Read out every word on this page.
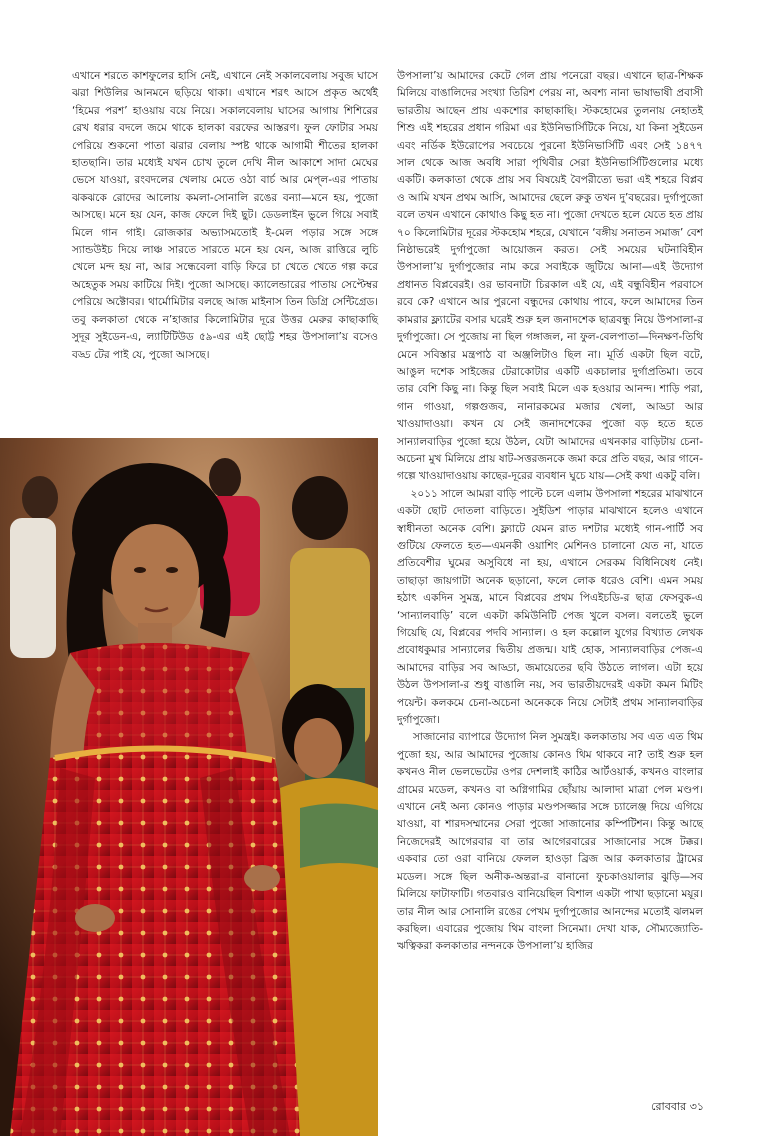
এখানে শরতে কাশফুলের হাসি নেই, এখানে নেই সকালবেলায় সবুজ ঘাসে ঝরা শিউলির আনমনে ছড়িয়ে থাকা। এখানে শরৎ আসে প্রকৃত অর্থেই ‘হিমের পরশ’ হাওয়ায় বয়ে নিয়ে। সকালবেলায় ঘাসের আগায় শিশিরের রেখ ধরার বদলে জমে থাকে হালকা বরফের আস্তরণ। ফুল ফোটার সময় পেরিয়ে শুকনো পাতা ঝরার বেলায় স্পষ্ট থাকে আগামী শীতের হালকা হাতছানি। তার মধ্যেই যখন চোখ তুলে দেখি নীল আকাশে সাদা মেঘের ভেসে যাওয়া, রংবদলের খেলায় মেতে ওঠা বার্চ আর মেপ্‌ল-এর পাতায় ঝকঝকে রোদের আলোয় কমলা-সোনালি রঙের বন্যা—মনে হয়, পুজো আসছে। মনে হয় যেন, কাজ ফেলে দিই ছুট। ডেডলাইন ভুলে গিয়ে সবাই মিলে গান গাই। রোজকার অভ্যাসমতোই ই-মেল পড়ার সঙ্গে সঙ্গে স্যান্ডউইচ দিয়ে লাঞ্চ সারতে সারতে মনে হয় যেন, আজ রাত্তিরে লুচি খেলে মন্দ হয় না, আর সন্ধেবেলা বাড়ি ফিরে চা খেতে খেতে গল্প করে অহেতুক সময় কাটিয়ে দিই। পুজো আসছে। ক্যালেন্ডারের পাতায় সেপ্টেম্বর পেরিয়ে অক্টোবর। থার্মোমিটার বলছে আজ মাইনাস তিন ডিগ্রি সেন্টিগ্রেড। তবু কলকাতা থেকে ন’হাজার কিলোমিটার দূরে উত্তর মেরুর কাছাকাছি সুদূর সুইডেন-এ, ল্যাটিটিউড ৫৯-এর এই ছোট্ট শহর উপসালা’য় বসেও বড্ড টের পাই যে, পুজো আসছে।
উপসালা’য় আমাদের কেটে গেল প্রায় পনেরো বছর। এখানে ছাত্র-শিক্ষক মিলিয়ে বাঙালিদের সংখ্যা তিরিশ পেরয় না, অবশ্য নানা ভাষাভাষী প্রবাসী ভারতীয় আছেন প্রায় একশোর কাছাকাছি। স্টকহোমের তুলনায় নেহাতই শিশু এই শহরের প্রধান গরিমা এর ইউনিভার্সিটিকে নিয়ে, যা কিনা সুইডেন এবং নর্ডিক ইউরোপের সবচেয়ে পুরনো ইউনিভার্সিটি এবং সেই ১৪৭৭ সাল থেকে আজ অবধি সারা পৃথিবীর সেরা ইউনিভার্সিটিগুলোর মধ্যে একটি। কলকাতা থেকে প্রায় সব বিষয়েই বৈপরীত্যে ভরা এই শহরে বিপ্লব ও আমি যখন প্রথম আসি, আমাদের ছেলে রুকু তখন দু’বছরের। দুর্গাপুজো বলে তখন এখানে কোথাও কিছু হত না। পুজো দেখতে হলে যেতে হত প্রায় ৭০ কিলোমিটার দূরের স্টকহোম শহরে, যেখানে ‘বঙ্গীয় সনাতন সমাজ’ বেশ নিষ্ঠাভরেই দুর্গাপুজো আয়োজন করত। সেই সময়ের ঘটনাবিহীন উপসালা’য় দুর্গাপুজোর নাম করে সবাইকে জুটিয়ে আনা—এই উদ্যোগ প্রধানত বিপ্লবেরই। ওর ভাবনাটা চিরকাল এই যে, এই বন্ধুবিহীন পরবাসে রবে কে? এখানে আর পুরনো বন্ধুদের কোথায় পাবে, ফলে আমাদের তিন কামরার ফ্ল্যাটের বসার ঘরেই শুরু হল জনাদশেক ছাত্রবন্ধু নিয়ে উপসালা-র দুর্গাপুজো। সে পুজোয় না ছিল গঙ্গাজল, না ফুল-বেলপাতা—দিনক্ষণ-তিথি মেনে সবিস্তার মন্ত্রপাঠ বা অঞ্জলিটাও ছিল না। মূর্তি একটা ছিল বটে, আঙুল দশেক সাইজের টেরাকোটার একটি একচালার দুর্গাপ্রতিমা। তবে তার বেশি কিছু না। কিন্তু ছিল সবাই মিলে এক হওয়ার আনন্দ। শাড়ি পরা, গান গাওয়া, গল্পগুজব, নানারকমের মজার খেলা, আড্ডা আর খাওয়াদাওয়া। কখন যে সেই জনাদশেকের পুজো বড় হতে হতে সান্যালবাড়ির পুজো হয়ে উঠল, যেটা আমাদের এখনকার বাড়িটায় চেনা-অচেনা মুখ মিলিয়ে প্রায় ষাট-সত্তরজনকে জমা করে প্রতি বছর, আর গানে-গল্পে খাওয়াদাওয়ায় কাছের-দূরের ব্যবধান ঘুচে যায়—সেই কথা একটু বলি।
২০১১ সালে আমরা বাড়ি পাল্টে চলে এলাম উপসালা শহরের মাঝখানে একটা ছোট দোতলা বাড়িতে। সুইডিশ পাড়ার মাঝখানে হলেও এখানে স্বাধীনতা অনেক বেশি। ফ্ল্যাটে যেমন রাত দশটার মধ্যেই গান-পার্টি সব গুটিয়ে ফেলতে হত—এমনকী ওয়াশিং মেশিনও চালানো যেত না, যাতে প্রতিবেশীর ঘুমের অসুবিধে না হয়, এখানে সেরকম বিধিনিষেধ নেই। তাছাড়া জায়গাটা অনেক ছড়ানো, ফলে লোক ধরেও বেশি। এমন সময় হঠাৎ একদিন সুমন্ত্র, মানে বিপ্লবের প্রথম পিএইচডি-র ছাত্র ফেসবুক-এ ‘সান্যালবাড়ি’ বলে একটা কমিউনিটি পেজ খুলে বসল। বলতেই ভুলে গিয়েছি যে, বিপ্লবের পদবি সান্যাল। ও হল কল্লোল যুগের বিখ্যাত লেখক প্রবোধকুমার সান্যালের দ্বিতীয় প্রজন্ম। যাই হোক, সান্যালবাড়ির পেজ-এ আমাদের বাড়ির সব আড্ডা, জমায়েতের ছবি উঠতে লাগল। এটা হয়ে উঠল উপসালা-র শুধু বাঙালি নয়, সব ভারতীয়দেরই একটা কমন মিটিং পয়েন্ট। কলকমে চেনা-অচেনা অনেককে নিয়ে সেটাই প্রথম সান্যালবাড়ির দুর্গাপুজো।
সাজানোর ব্যাপারে উদ্যোগ নিল সুমন্ত্রই। কলকাতায় সব এত এত থিম পুজো হয়, আর আমাদের পুজোয় কোনও থিম থাকবে না? তাই শুরু হল কখনও নীল ভেলভেটের ওপর দেশলাই কাঠির আর্টওয়ার্ক, কখনও বাংলার গ্রামের মডেল, কখনও বা অগ্নিগামির ছোঁয়ায় আলাদা মাত্রা পেল মণ্ডপ। এখানে নেই অন্য কোনও পাড়ার মণ্ডপসজ্জার সঙ্গে চ্যালেঞ্জ দিয়ে এগিয়ে যাওয়া, বা শারদসম্মানের সেরা পুজো সাজানোর কম্পিটিশন। কিন্তু আছে নিজেদেরই আগেরবার বা তার আগেরবারের সাজানোর সঙ্গে টক্কর। একবার তো ওরা বানিয়ে ফেলল হাওড়া ব্রিজ আর কলকাতার ট্রামের মডেল। সঙ্গে ছিল অনীক-অন্তরা-র বানানো ফুচকাওয়ালার ঝুড়ি—সব মিলিয়ে ফাটাফাটি। গতবারও বানিয়েছিল বিশাল একটা পাখা ছড়ানো ময়ূর। তার নীল আর সোনালি রঙের পেখম দুর্গাপুজোর আনন্দের মতোই ঝলমল করছিল। এবারের পুজোয় থিম বাংলা সিনেমা। দেখা যাক, সৌম্যজ্যোতি-ঋত্বিকরা কলকাতার নন্দনকে উপসালা’য় হাজির
রোববার ৩১
